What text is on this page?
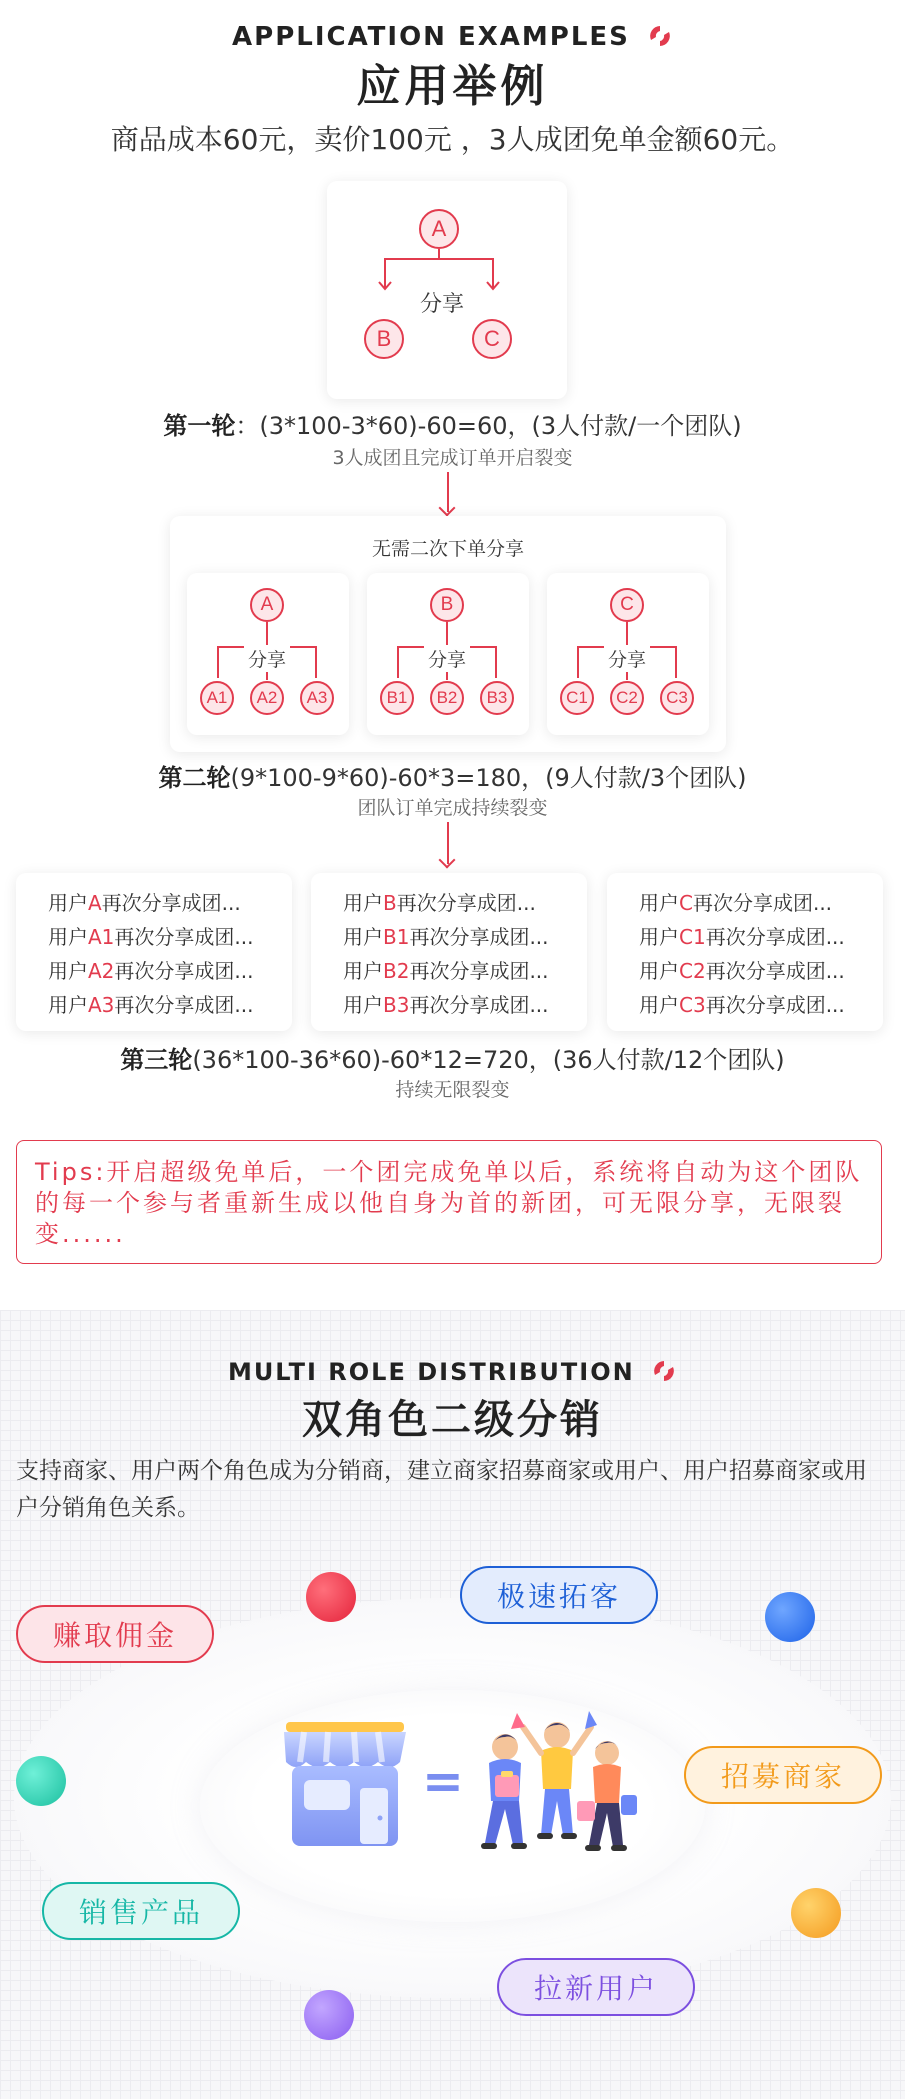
APPLICATION EXAMPLES
应用举例
商品成本60元，卖价100元 ，3人成团免单金额60元。
A
分享
B	C
第一轮：(3*100-3*60)-60=60，(3人付款/一个团队)
3人成团且完成订单开启裂变
无需二次下单分享
A
分享
A1	A2	A3
B
分享
B1	B2	B3
C
分享
C1	C2	C3
第二轮(9*100-9*60)-60*3=180，(9人付款/3个团队)
团队订单完成持续裂变
用户A再次分享成团...
用户A1再次分享成团...
用户A2再次分享成团...
用户A3再次分享成团...
用户B再次分享成团...
用户B1再次分享成团...
用户B2再次分享成团...
用户B3再次分享成团...
用户C再次分享成团...
用户C1再次分享成团...
用户C2再次分享成团...
用户C3再次分享成团...
第三轮(36*100-36*60)-60*12=720，(36人付款/12个团队)
持续无限裂变
Tips:开启超级免单后，一个团完成免单以后，系统将自动为这个团队的每一个参与者重新生成以他自身为首的新团，可无限分享，无限裂变......
MULTI ROLE DISTRIBUTION
双角色二级分销
支持商家、用户两个角色成为分销商，建立商家招募商家或用户、用户招募商家或用户分销角色关系。
=
赚取佣金
极速拓客
招募商家
销售产品
拉新用户
